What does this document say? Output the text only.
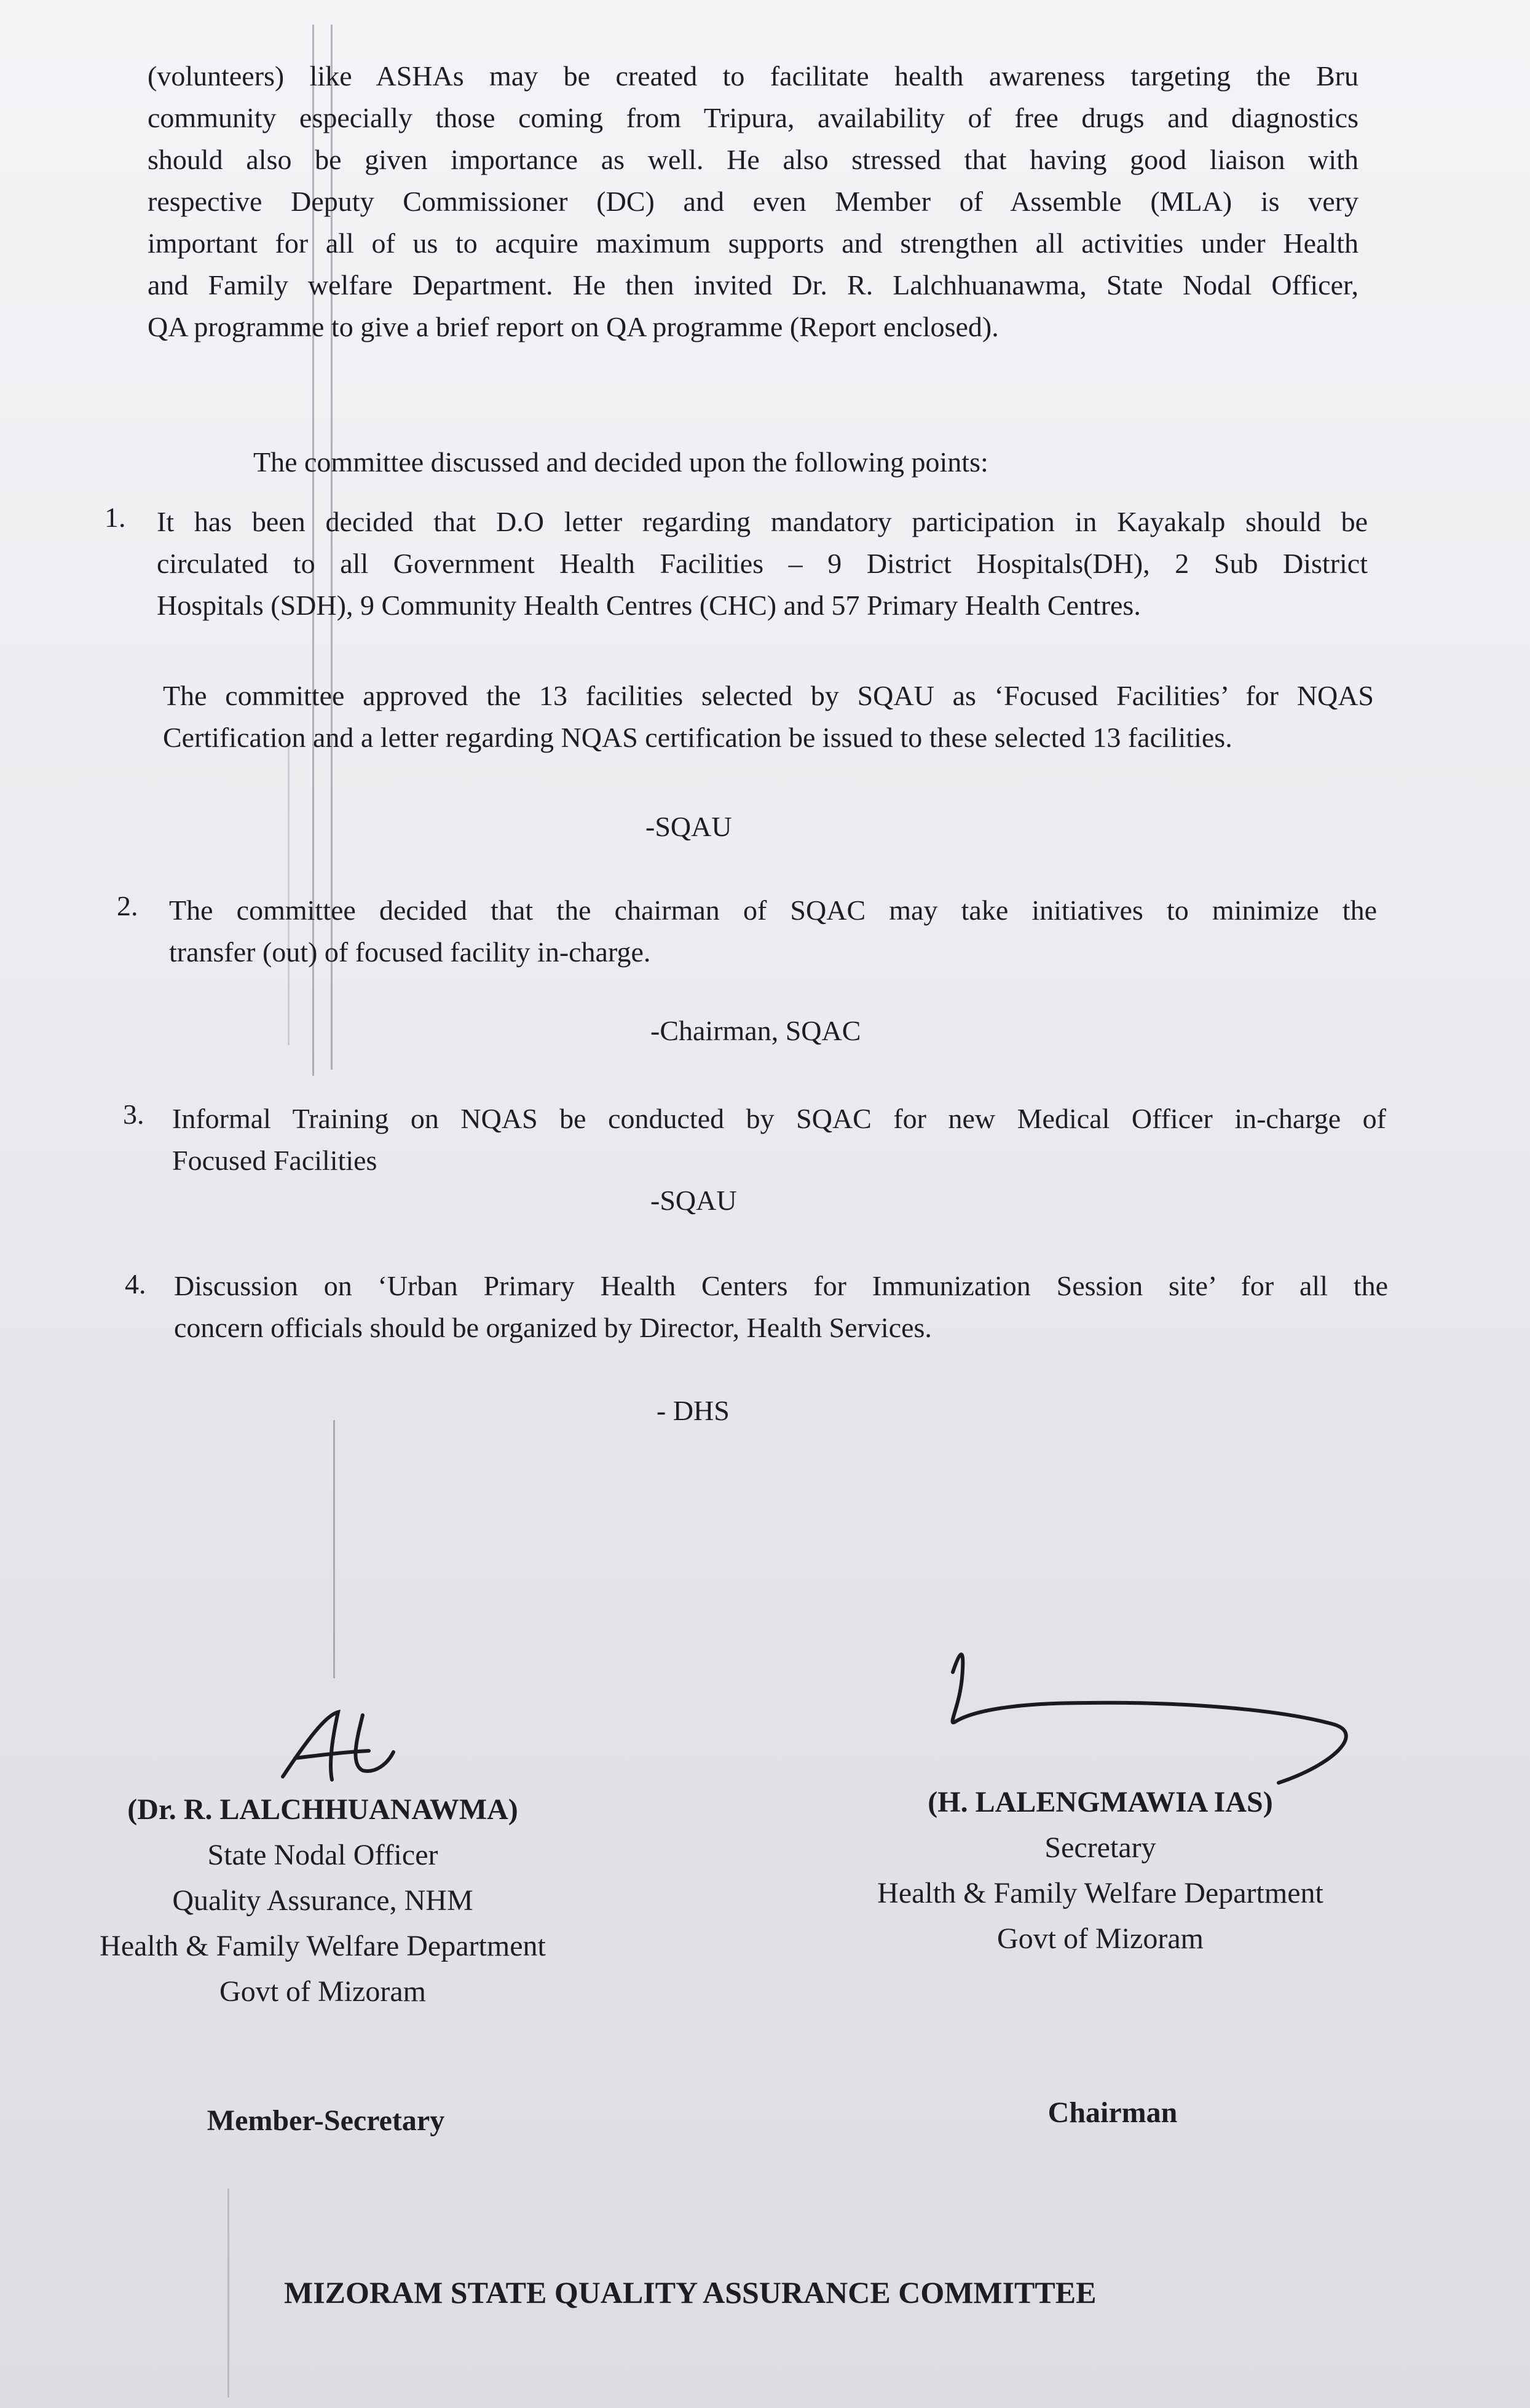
(volunteers) like ASHAs may be created to facilitate health awareness targeting the Bru
community especially those coming from Tripura, availability of free drugs and diagnostics
should also be given importance as well. He also stressed that having good liaison with
respective Deputy Commissioner (DC) and even Member of Assemble (MLA) is very
important for all of us to acquire maximum supports and strengthen all activities under Health
and Family welfare Department. He then invited Dr. R. Lalchhuanawma, State Nodal Officer,
QA programme to give a brief report on QA programme (Report enclosed).
The committee discussed and decided upon the following points:
1. It has been decided that D.O letter regarding mandatory participation in Kayakalp should be
circulated to all Government Health Facilities – 9 District Hospitals(DH), 2 Sub District
Hospitals (SDH), 9 Community Health Centres (CHC) and 57 Primary Health Centres.
The committee approved the 13 facilities selected by SQAU as ‘Focused Facilities’ for NQAS
Certification and a letter regarding NQAS certification be issued to these selected 13 facilities.
-SQAU
2. The committee decided that the chairman of SQAC may take initiatives to minimize the
transfer (out) of focused facility in-charge.
-Chairman, SQAC
3. Informal Training on NQAS be conducted by SQAC for new Medical Officer in-charge of
Focused Facilities
-SQAU
4. Discussion on ‘Urban Primary Health Centers for Immunization Session site’ for all the
concern officials should be organized by Director, Health Services.
- DHS
(Dr. R. LALCHHUANAWMA)
State Nodal Officer
Quality Assurance, NHM
Health & Family Welfare Department
Govt of Mizoram
(H. LALENGMAWIA IAS)
Secretary
Health & Family Welfare Department
Govt of Mizoram
Member-Secretary	Chairman
MIZORAM STATE QUALITY ASSURANCE COMMITTEE
